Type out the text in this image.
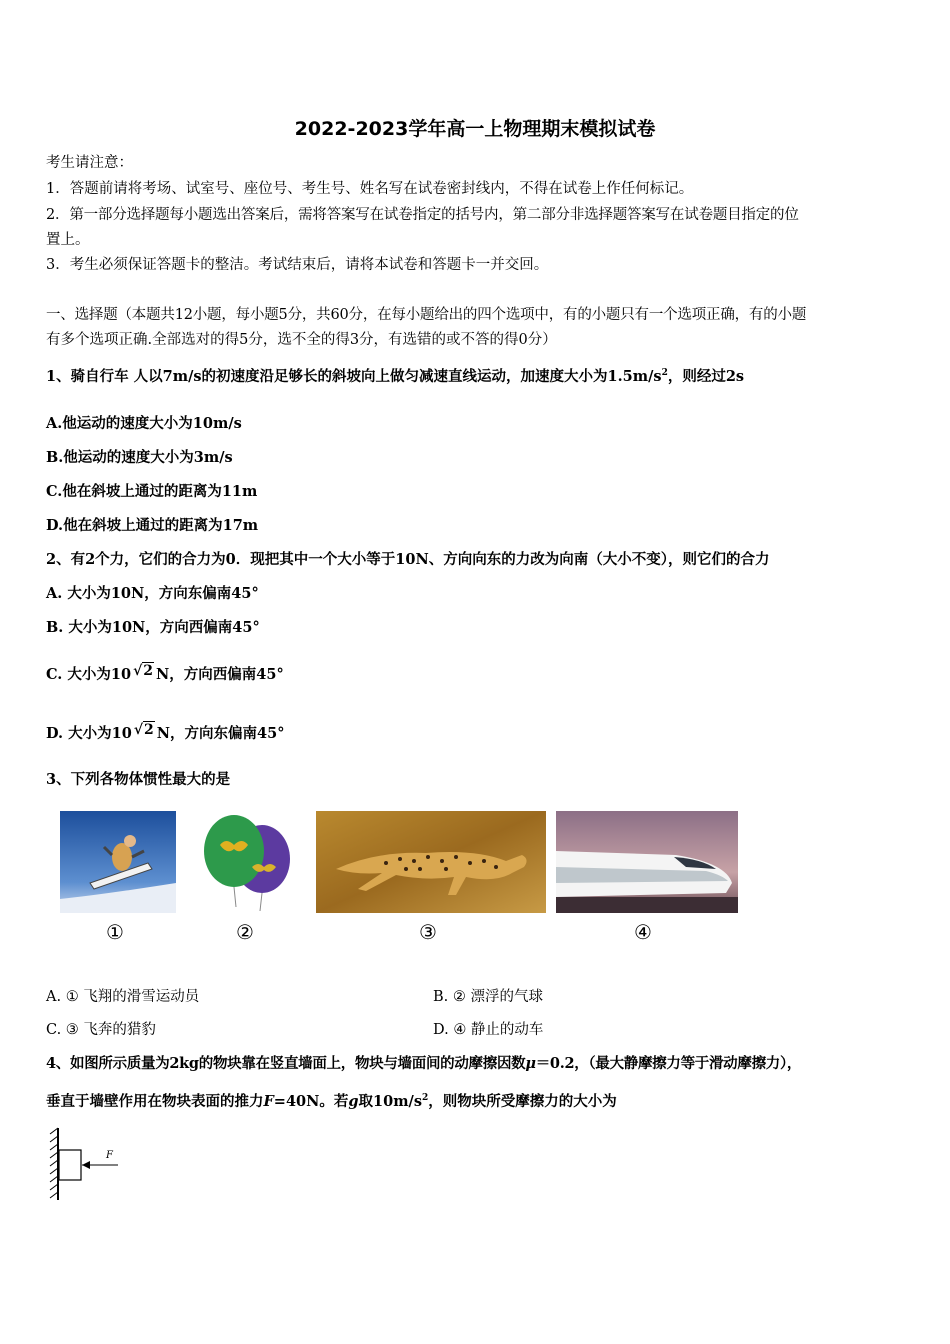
2022-2023学年高一上物理期末模拟试卷
考生请注意：
1．答题前请将考场、试室号、座位号、考生号、姓名写在试卷密封线内，不得在试卷上作任何标记。
2．第一部分选择题每小题选出答案后，需将答案写在试卷指定的括号内，第二部分非选择题答案写在试卷题目指定的位
置上。
3．考生必须保证答题卡的整洁。考试结束后，请将本试卷和答题卡一并交回。
一、选择题（本题共12小题，每小题5分，共60分，在每小题给出的四个选项中，有的小题只有一个选项正确，有的小题
有多个选项正确.全部选对的得5分，选不全的得3分，有选错的或不答的得0分）
1、骑自行车 人以7m/s的初速度沿足够长的斜坡向上做匀减速直线运动，加速度大小为$1.5m/s^2$，则经过2s
A.他运动的速度大小为10m/s
B.他运动的速度大小为3m/s
C.他在斜坡上通过的距离为11m
D.他在斜坡上通过的距离为17m
2、有2个力，它们的合力为0．现把其中一个大小等于10N、方向向东的力改为向南（大小不变），则它们的合力
A. 大小为10N，方向东偏南45°
B. 大小为10N，方向西偏南45°
C. 大小为10 √2 N，方向西偏南45°
D. 大小为10 √2 N，方向东偏南45°
3、下列各物体惯性最大的是
①	②	③	④
A. ① 飞翔的滑雪运动员	B. ② 漂浮的气球
C. ③ 飞奔的猎豹	D. ④ 静止的动车
4、如图所示质量为2kg的物块靠在竖直墙面上，物块与墙面间的动摩擦因数μ＝0.2，（最大静摩擦力等于滑动摩擦力），
垂直于墙壁作用在物块表面的推力F=40N。若g取$10m/s^2$，则物块所受摩擦力的大小为
F
